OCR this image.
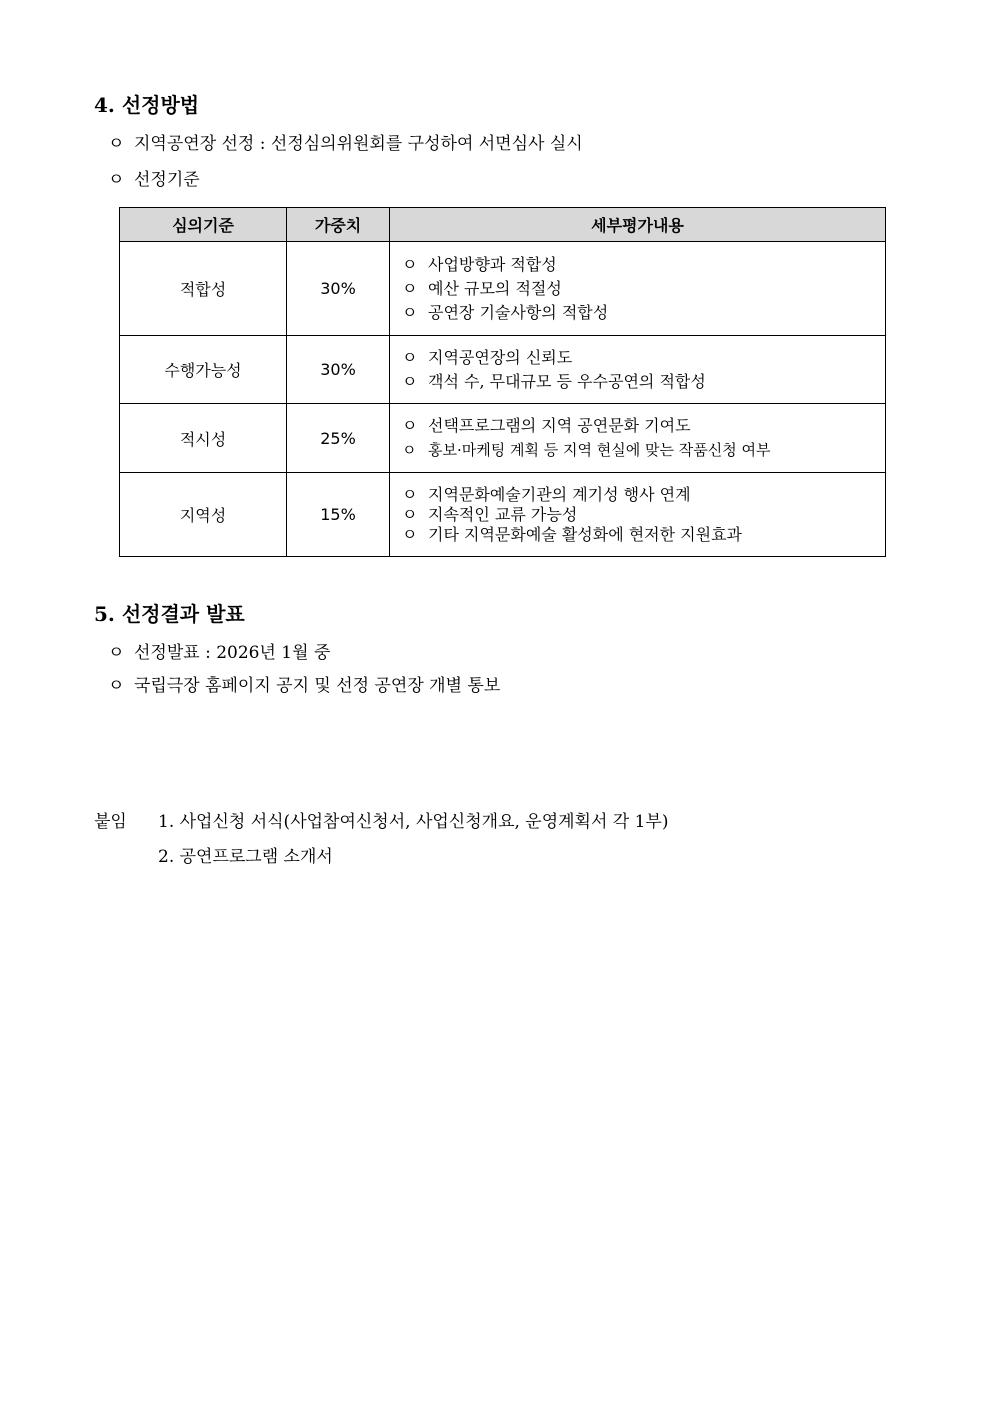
4. 선정방법
ㅇ 지역공연장 선정 : 선정심의위원회를 구성하여 서면심사 실시
ㅇ 선정기준
심의기준	가중치	세부평가내용
적합성	30%	ㅇ 사업방향과 적합성
ㅇ 예산 규모의 적절성
ㅇ 공연장 기술사항의 적합성

수행가능성	30%	ㅇ 지역공연장의 신뢰도
ㅇ 객석 수, 무대규모 등 우수공연의 적합성

적시성	25%	ㅇ 선택프로그램의 지역 공연문화 기여도
ㅇ 홍보·마케팅 계획 등 지역 현실에 맞는 작품신청 여부

지역성	15%	ㅇ 지역문화예술기관의 계기성 행사 연계
ㅇ 지속적인 교류 가능성
ㅇ 기타 지역문화예술 활성화에 현저한 지원효과
5. 선정결과 발표
ㅇ 선정발표 : 2026년 1월 중
ㅇ 국립극장 홈페이지 공지 및 선정 공연장 개별 통보
붙임 1. 사업신청 서식(사업참여신청서, 사업신청개요, 운영계획서 각 1부)
2. 공연프로그램 소개서
